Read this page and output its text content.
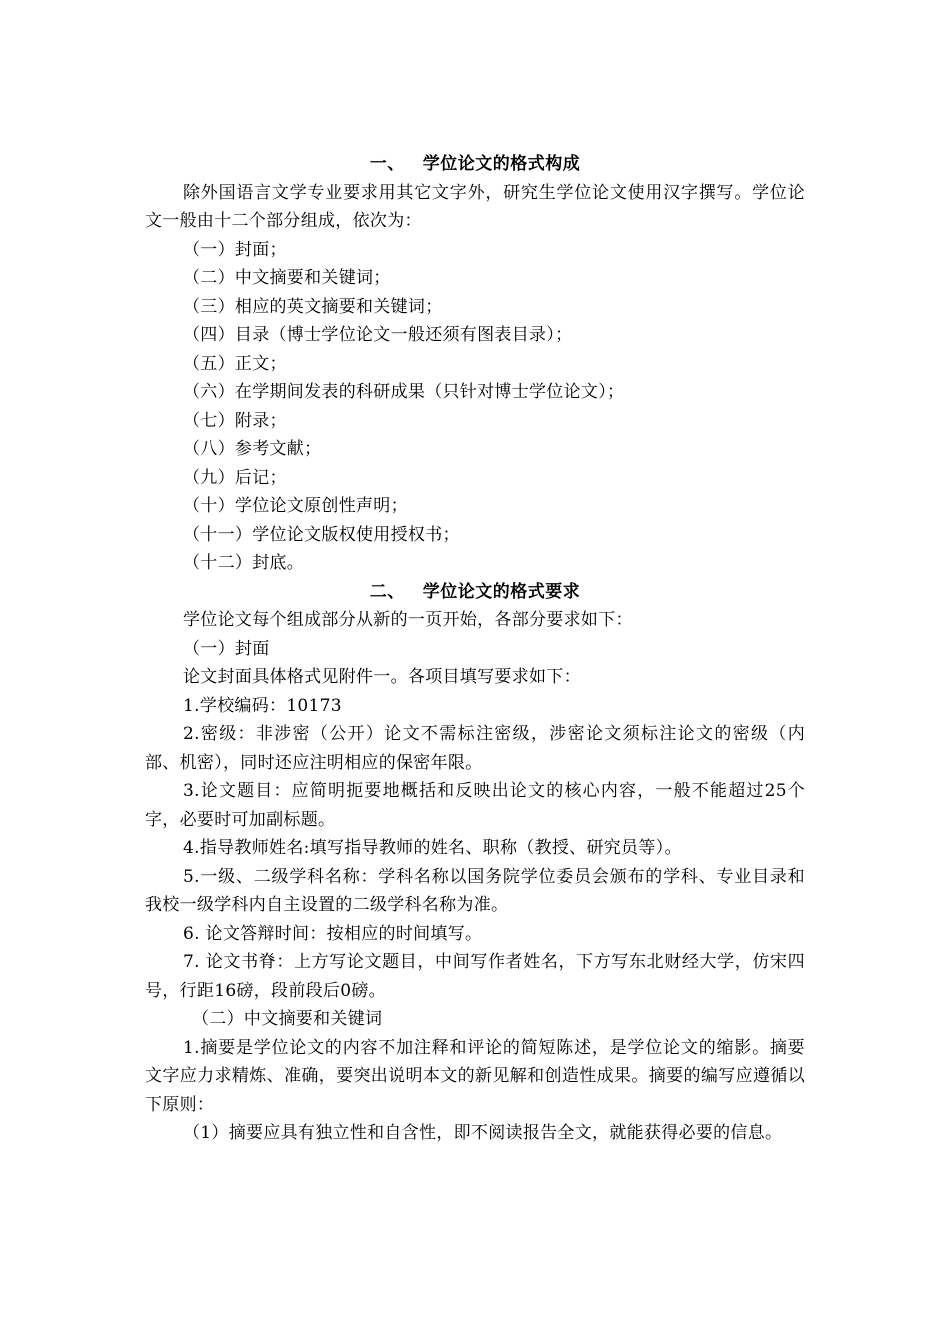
一、 学位论文的格式构成
除外国语言文学专业要求用其它文字外，研究生学位论文使用汉字撰写。学位论文一般由十二个部分组成，依次为：
（一）封面；
（二）中文摘要和关键词；
（三）相应的英文摘要和关键词；
（四）目录（博士学位论文一般还须有图表目录）；
（五）正文；
（六）在学期间发表的科研成果（只针对博士学位论文）；
（七）附录；
（八）参考文献；
（九）后记；
（十）学位论文原创性声明；
（十一）学位论文版权使用授权书；
（十二）封底。
二、 学位论文的格式要求
学位论文每个组成部分从新的一页开始，各部分要求如下：
（一）封面
论文封面具体格式见附件一。各项目填写要求如下：
1.学校编码：10173
2.密级：非涉密（公开）论文不需标注密级，涉密论文须标注论文的密级（内部、机密），同时还应注明相应的保密年限。
3.论文题目：应简明扼要地概括和反映出论文的核心内容，一般不能超过25个字，必要时可加副标题。
4.指导教师姓名:填写指导教师的姓名、职称（教授、研究员等）。
5.一级、二级学科名称：学科名称以国务院学位委员会颁布的学科、专业目录和我校一级学科内自主设置的二级学科名称为准。
6. 论文答辩时间：按相应的时间填写。
7. 论文书脊：上方写论文题目，中间写作者姓名，下方写东北财经大学，仿宋四号，行距16磅，段前段后0磅。
（二）中文摘要和关键词
1.摘要是学位论文的内容不加注释和评论的简短陈述，是学位论文的缩影。摘要文字应力求精炼、准确，要突出说明本文的新见解和创造性成果。摘要的编写应遵循以下原则：
（1）摘要应具有独立性和自含性，即不阅读报告全文，就能获得必要的信息。
